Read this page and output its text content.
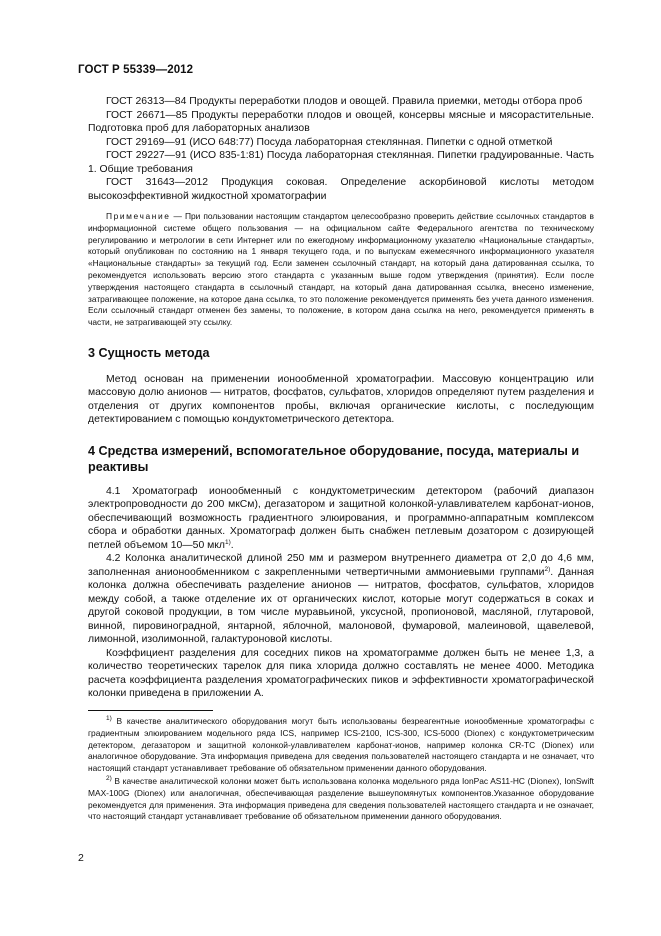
ГОСТ Р 55339—2012

ГОСТ 26313—84 Продукты переработки плодов и овощей. Правила приемки, методы отбора проб

ГОСТ 26671—85 Продукты переработки плодов и овощей, консервы мясные и мясорастительные. Подготовка проб для лабораторных анализов

ГОСТ 29169—91 (ИСО 648:77) Посуда лабораторная стеклянная. Пипетки с одной отметкой

ГОСТ 29227—91 (ИСО 835-1:81) Посуда лабораторная стеклянная. Пипетки градуированные. Часть 1. Общие требования

ГОСТ 31643—2012 Продукция соковая. Определение аскорбиновой кислоты методом высокоэффективной жидкостной хроматографии

Примечание — При пользовании настоящим стандартом целесообразно проверить действие ссылочных стандартов в информационной системе общего пользования — на официальном сайте Федерального агентства по техническому регулированию и метрологии в сети Интернет или по ежегодному информационному указателю «Национальные стандарты», который опубликован по состоянию на 1 января текущего года, и по выпускам ежемесячного информационного указателя «Национальные стандарты» за текущий год. Если заменен ссылочный стандарт, на который дана датированная ссылка, то рекомендуется использовать версию этого стандарта с указанным выше годом утверждения (принятия). Если после утверждения настоящего стандарта в ссылочный стандарт, на который дана датированная ссылка, внесено изменение, затрагивающее положение, на которое дана ссылка, то это положение рекомендуется применять без учета данного изменения. Если ссылочный стандарт отменен без замены, то положение, в котором дана ссылка на него, рекомендуется применять в части, не затрагивающей эту ссылку.

3 Сущность метода

Метод основан на применении ионообменной хроматографии. Массовую концентрацию или массовую долю анионов — нитратов, фосфатов, сульфатов, хлоридов определяют путем разделения и отделения от других компонентов пробы, включая органические кислоты, с последующим детектированием с помощью кондуктометрического детектора.

4 Средства измерений, вспомогательное оборудование, посуда, материалы и реактивы

4.1 Хроматограф ионообменный с кондуктометрическим детектором (рабочий диапазон электропроводности до 200 мкСм), дегазатором и защитной колонкой-улавливателем карбонат-ионов, обеспечивающий возможность градиентного элюирования, и программно-аппаратным комплексом сбора и обработки данных. Хроматограф должен быть снабжен петлевым дозатором с дозирующей петлей объемом 10—50 мкл$^{1)}$.

4.2 Колонка аналитической длиной 250 мм и размером внутреннего диаметра от 2,0 до 4,6 мм, заполненная анионообменником с закрепленными четвертичными аммониевыми группами$^{2)}$. Данная колонка должна обеспечивать разделение анионов — нитратов, фосфатов, сульфатов, хлоридов между собой, а также отделение их от органических кислот, которые могут содержаться в соках и другой соковой продукции, в том числе муравьиной, уксусной, пропионовой, масляной, глутаровой, винной, пировиноградной, янтарной, яблочной, малоновой, фумаровой, малеиновой, щавелевой, лимонной, изолимонной, галактуроновой кислоты.

Коэффициент разделения для соседних пиков на хроматограмме должен быть не менее 1,3, а количество теоретических тарелок для пика хлорида должно составлять не менее 4000. Методика расчета коэффициента разделения хроматографических пиков и эффективности хроматографической колонки приведена в приложении А.

$^{1)}$ В качестве аналитического оборудования могут быть использованы безреагентные ионообменные хроматографы с градиентным элюированием модельного ряда ICS, например ICS-2100, ICS-300, ICS-5000 (Dionex) с кондуктометрическим детектором, дегазатором и защитной колонкой-улавливателем карбонат-ионов, например колонка CR-TC (Dionex) или аналогичное оборудование. Эта информация приведена для сведения пользователей настоящего стандарта и не означает, что настоящий стандарт устанавливает требование об обязательном применении данного оборудования.

$^{2)}$ В качестве аналитической колонки может быть использована колонка модельного ряда IonPac AS11-HC (Dionex), IonSwift MAX-100G (Dionex) или аналогичная, обеспечивающая разделение вышеупомянутых компонентов.Указанное оборудование рекомендуется для применения. Эта информация приведена для сведения пользователей настоящего стандарта и не означает, что настоящий стандарт устанавливает требование об обязательном применении данного оборудования.

2
